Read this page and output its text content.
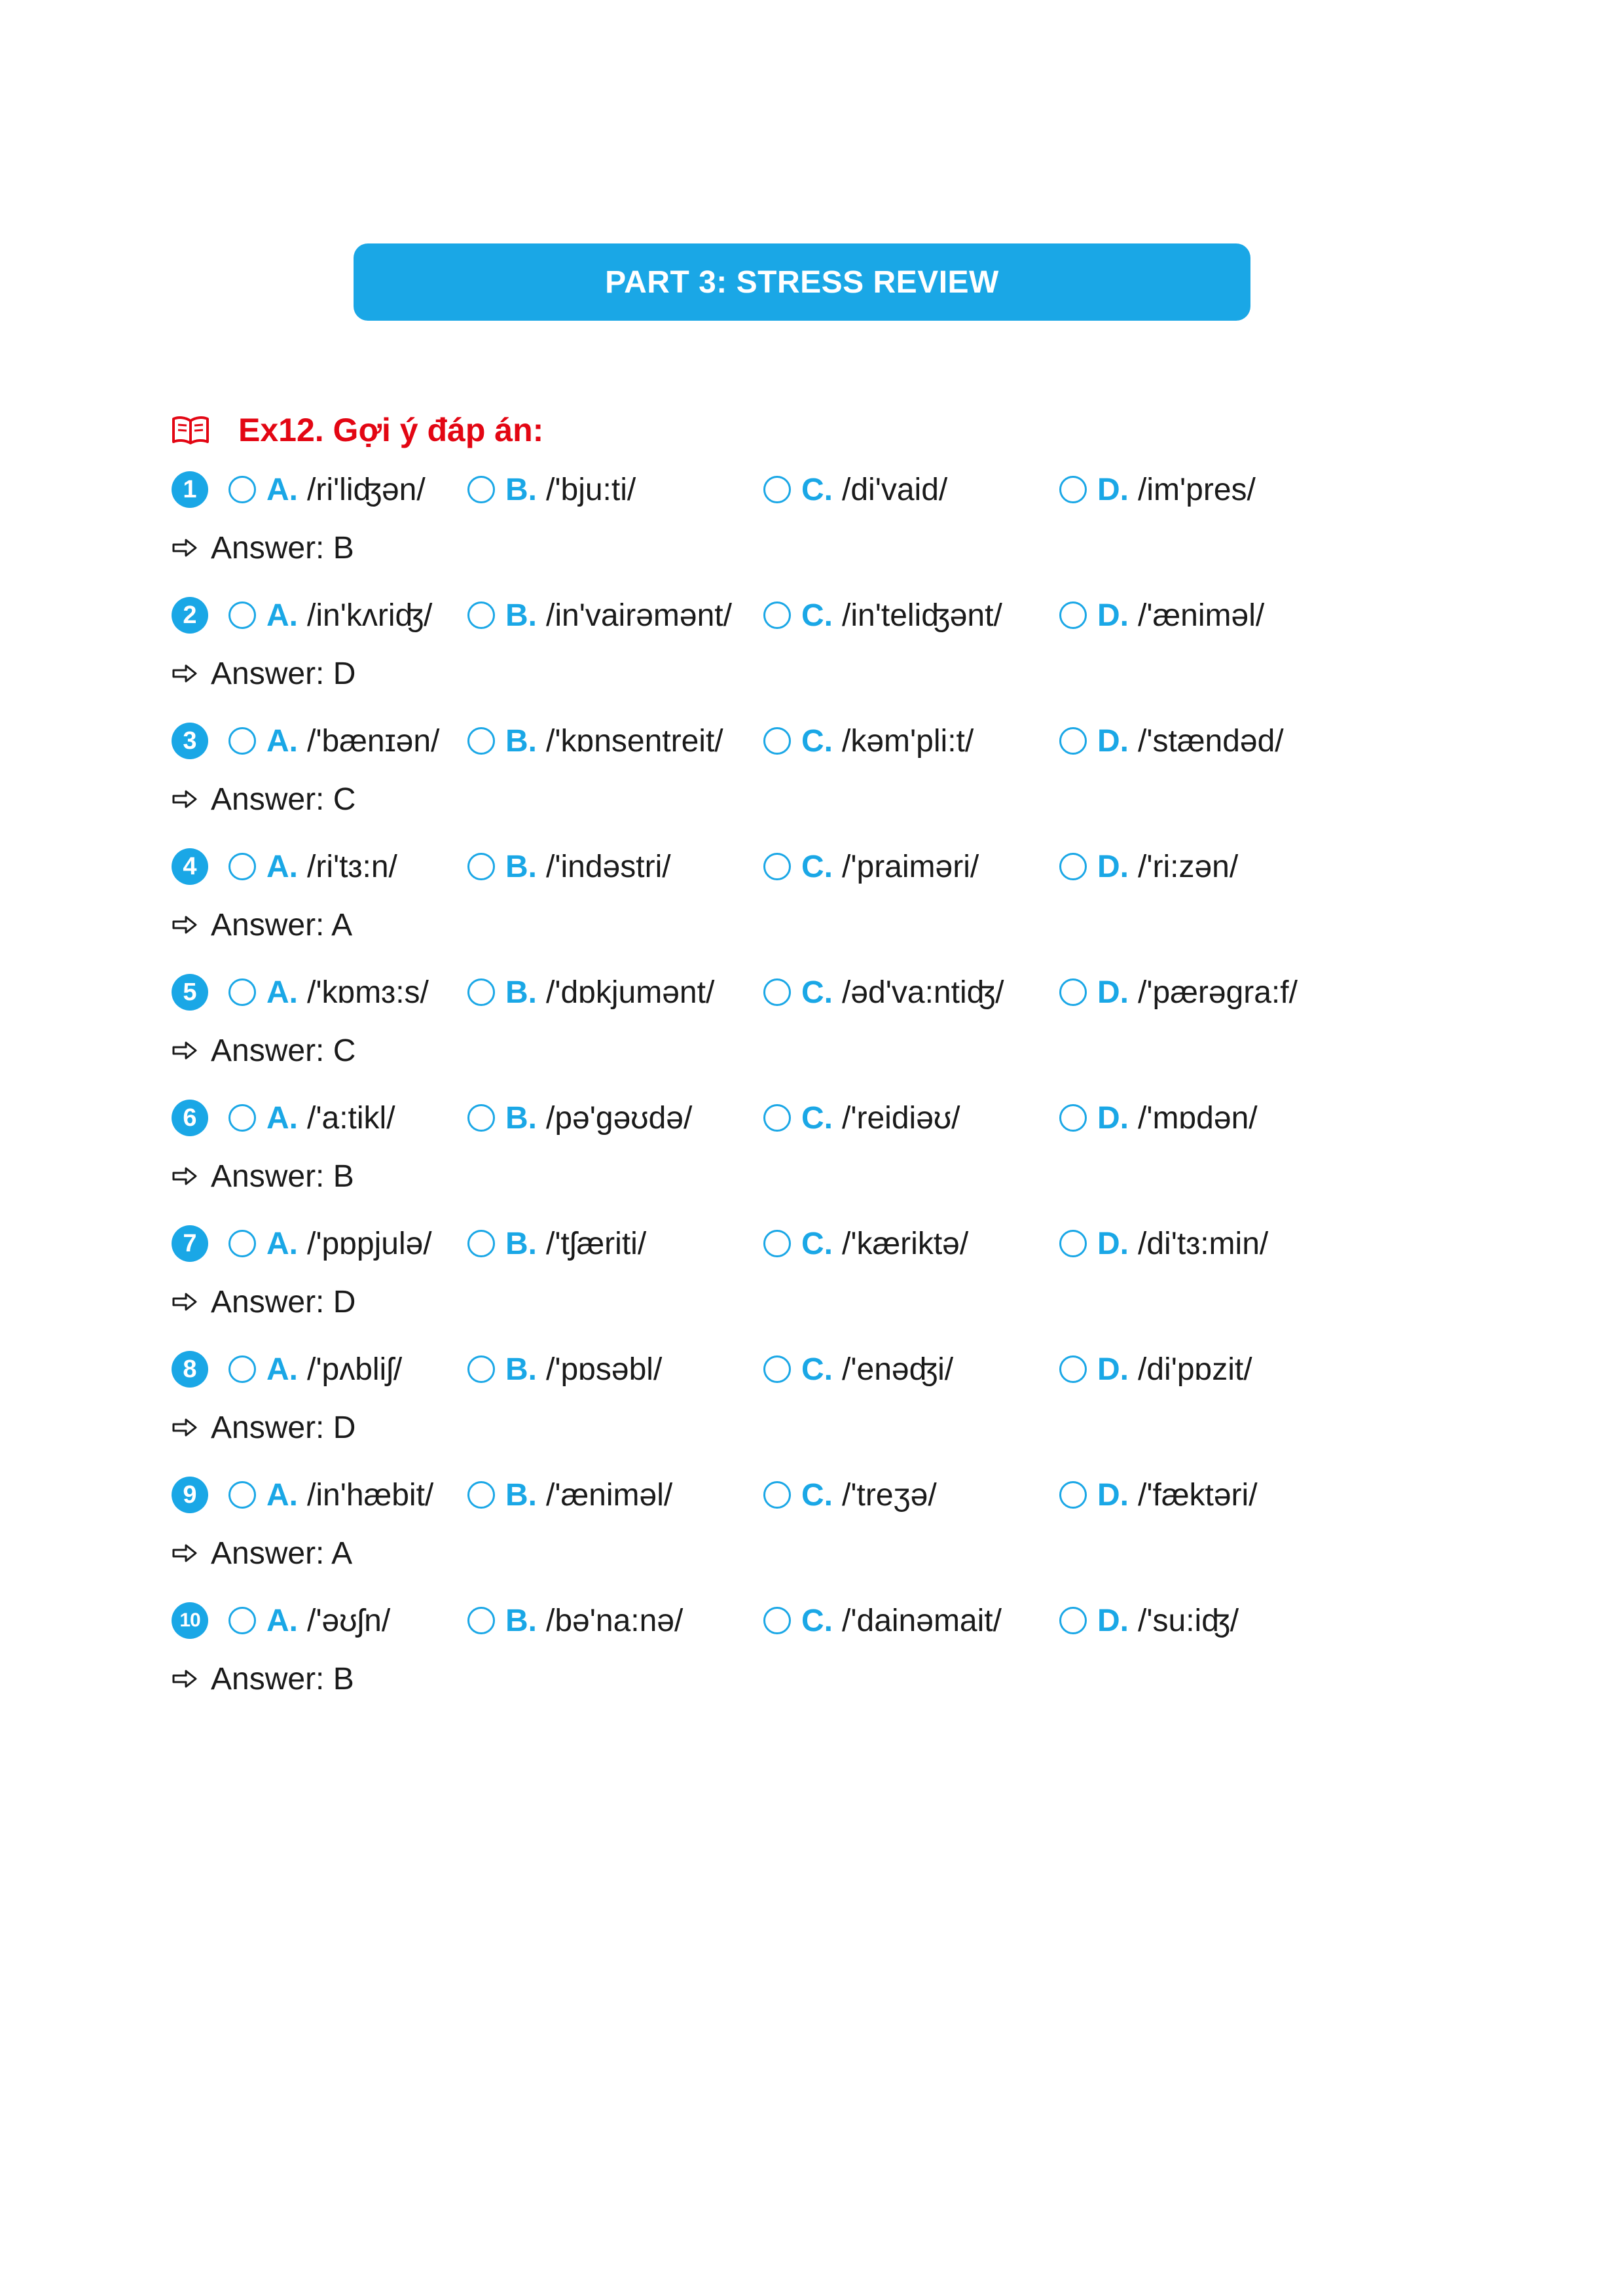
PART 3: STRESS REVIEW
Ex12. Gợi ý đáp án:
1	A. /ri'liʤən/	B. /'bju:ti/	C. /di'vaid/	D. /im'pres/
Answer: B
2	A. /in'kʌriʤ/ B. /in'vairəmənt/ C. /in'teliʤənt/	D. /'ænimǝl/
Answer: D
3	A. /'bænɪən/ B. /'kɒnsentreit/ C. /kəm'pli:t/	D. /'stændəd/
Answer: C
4	A. /ri'tɜ:n/	B. /'indəstri/	C. /'praiməri/	D. /'ri:zən/
Answer: A
5	A. /'kɒmɜ:s/ B. /'dɒkjumənt/	C. /əd'va:ntiʤ/	D. /'pærəgra:f/
Answer: C
6	A. /'a:tikl/	B. /pə'gəʊdə/	C. /'reidiəʊ/	D. /'mɒdən/
Answer: B
7	A. /'pɒpjulə/ B. /'tʃæriti/	C. /'kæriktə/	D. /di'tɜ:min/
Answer: D
8	A. /'pʌbliʃ/	B. /'pɒsəbl/	C. /'enəʤi/	D. /di'pɒzit/
Answer: D
9	A. /in'hæbit/ B. /'ænimǝl/	C. /'treʒə/	D. /'fæktəri/
Answer: A
10 A. /'əʊʃn/	B. /bə'na:nə/	C. /'dainəmait/	D. /'su:iʤ/
Answer: B
